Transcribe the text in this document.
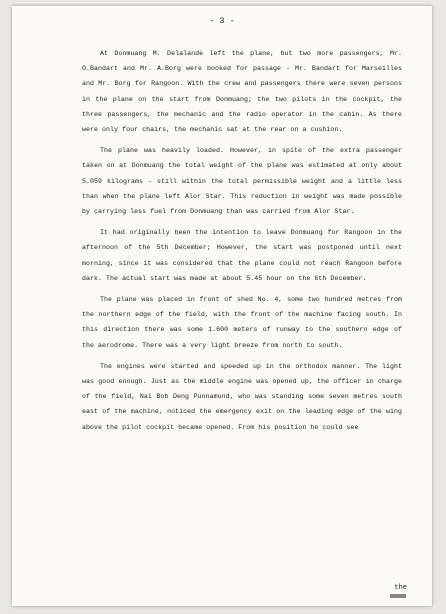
- 3 -

At Donmuang M. Delalande left the plane, but two more passengers, Mr. O.Bandart and Mr. A.Borg were booked for passage - Mr. Bandart for Marseilles and Mr. Borg for Rangoon. With the crew and passengers there were seven persons in the plane on the start from Donmuang; the two pilots in the cockpit, the three passengers, the mechanic and the radio operator in the cabin. As there were only four chairs, the mechanic sat at the rear on a cushion.

The plane was heavily loaded. However, in spite of the extra passenger taken on at Donmuang the total weight of the plane was estimated at only about 5.059 kilograms - still within the total permissible weight and a little less than when the plane left Alor Star. This reduction in weight was made possible by carrying less fuel from Donmuang than was carried from Alor Star.

It had originally been the intention to leave Donmuang for Rangoon in the afternoon of the 5th December; However, the start was postponed until next morning, since it was considered that the plane could not reach Rangoon before dark. The actual start was made at about 5.45 hour on the 6th December.

The plane was placed in front of shed No. 4, some two hundred metres from the northern edge of the field, with the front of the machine facing south. In this direction there was some 1.600 meters of runway to the southern edge of the aerodrome. There was a very light breeze from north to south.

The engines were started and speeded up in the orthodox manner. The light was good enough. Just as the middle engine was opened up, the officer in charge of the field, Nai Bob Deng Punnamund, who was standing some seven metres south east of the machine, noticed the emergency exit on the leading edge of the wing above the pilot cockpit became opened. From his position he could see

the
